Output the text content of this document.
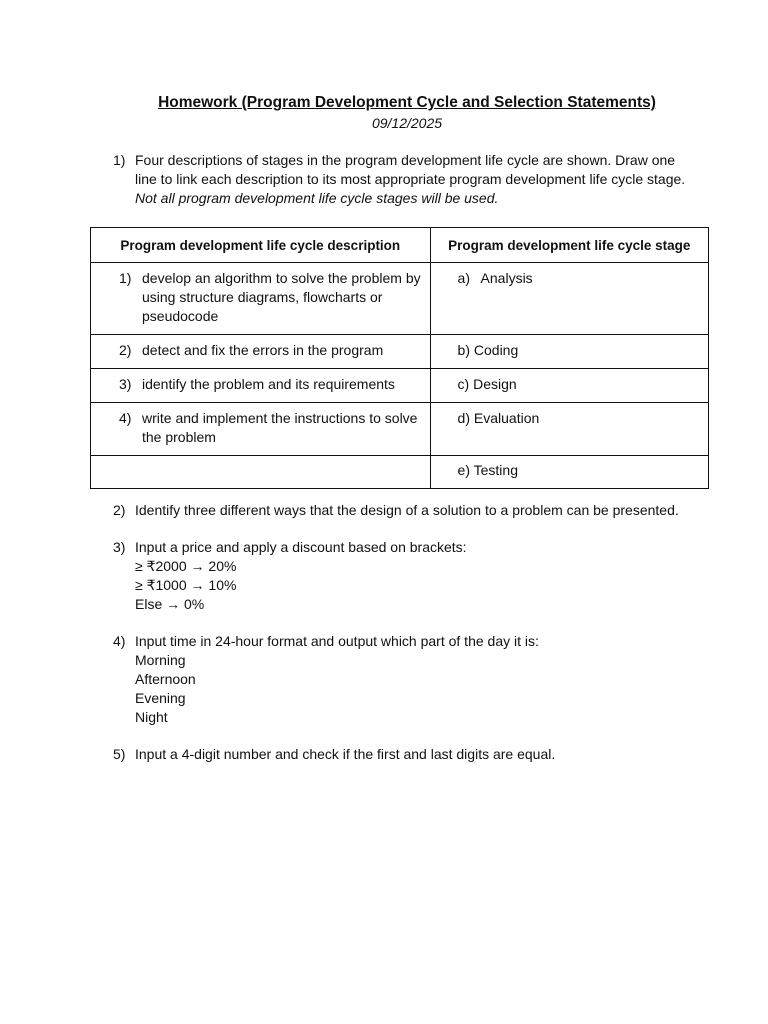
Homework (Program Development Cycle and Selection Statements)
09/12/2025
1) Four descriptions of stages in the program development life cycle are shown. Draw one
line to link each description to its most appropriate program development life cycle stage.
Not all program development life cycle stages will be used.
Program development life cycle description	Program development life cycle stage

1) develop an algorithm to solve the problem by
using structure diagrams, flowcharts or
pseudocode	a) Analysis

2) detect and fix the errors in the program	b) Coding

3) identify the problem and its requirements	c) Design

4) write and implement the instructions to solve
the problem	d) Evaluation

	e) Testing
2) Identify three different ways that the design of a solution to a problem can be presented.
3) Input a price and apply a discount based on brackets:
≥ ₹2000 → 20%
≥ ₹1000 → 10%
Else → 0%
4) Input time in 24-hour format and output which part of the day it is:
Morning
Afternoon
Evening
Night
5) Input a 4-digit number and check if the first and last digits are equal.
